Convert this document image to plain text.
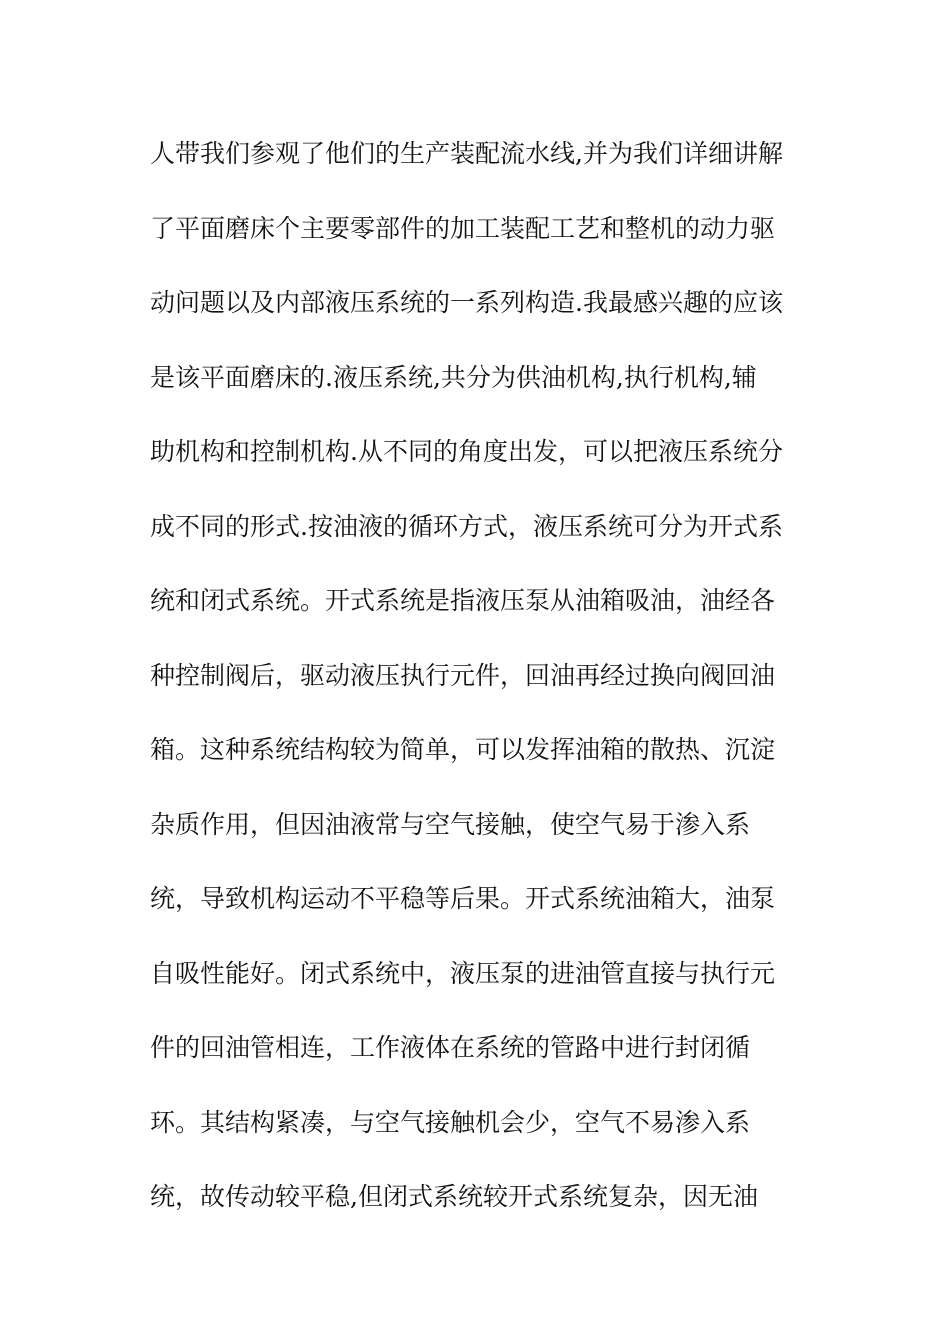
人带我们参观了他们的生产装配流水线,并为我们详细讲解
了平面磨床个主要零部件的加工装配工艺和整机的动力驱
动问题以及内部液压系统的一系列构造.我最感兴趣的应该
是该平面磨床的.液压系统,共分为供油机构,执行机构,辅
助机构和控制机构.从不同的角度出发，可以把液压系统分
成不同的形式.按油液的循环方式，液压系统可分为开式系
统和闭式系统。开式系统是指液压泵从油箱吸油，油经各
种控制阀后，驱动液压执行元件，回油再经过换向阀回油
箱。这种系统结构较为简单，可以发挥油箱的散热、沉淀
杂质作用，但因油液常与空气接触，使空气易于渗入系
统，导致机构运动不平稳等后果。开式系统油箱大，油泵
自吸性能好。闭式系统中，液压泵的进油管直接与执行元
件的回油管相连，工作液体在系统的管路中进行封闭循
环。其结构紧凑，与空气接触机会少，空气不易渗入系
统，故传动较平稳,但闭式系统较开式系统复杂，因无油
